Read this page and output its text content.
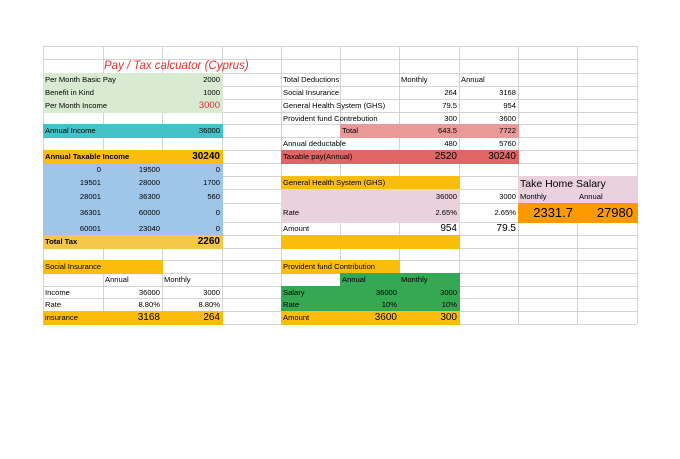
Pay / Tax calcuator (Cyprus)
Per Month Basic Pay	2000
Benefit in Kind	1000
Per Month Income	3000
Annual Income	36000
Annual Taxable Income	30240
0	19500	0
19501	28000	1700
28001	36300	560
36301	60000	0
60001	23040	0
Total Tax	2260
Social Insurance
Annual	Monthly
Income	36000	3000
Rate	8.80%	8.80%
insurance	3168	264
Total Deductions	Monthly	Annual
Social Insurance	264	3168
General Health System (GHS)	79.5	954
Provident fund Contrebution	300	3600
Total	643.5	7722
Annual deductable	480	5760
Taxable pay(Annual)	2520	30240
General Health System (GHS)
36000	3000
Rate	2.65%	2.65%
Amount	954	79.5
Provident fund Contribution
Annual	Monthly
Salary	36000	3000
Rate	10%	10%
Amount	3600	300
Take Home Salary
Monthly	Annual
2331.7	27980
